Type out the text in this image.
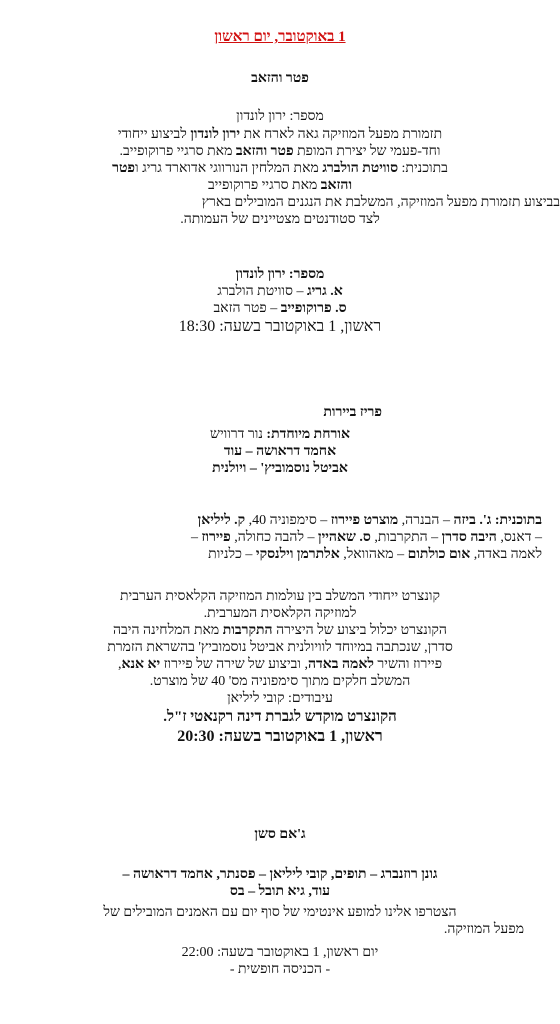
1 באוקטובר, יום ראשון
פטר והזאב
מספר: ירון לונדון
תזמורת מפעל המוזיקה גאה לארח את ירון לונדון לביצוע ייחודי
וחד-פעמי של יצירת המופת פטר והזאב מאת סרגיי פרוקופייב.
בתוכנית: סוויטת הולברג מאת המלחין הנורווגי אדוארד גריג ופטר
והזאב מאת סרגיי פרוקופייב
בביצוע תזמורת מפעל המוזיקה, המשלבת את הנגנים המובילים בארץ
לצד סטודנטים מצטיינים של העמותה.
מספר: ירון לונדון
א. גריג – סוויטת הולברג
ס. פרוקופייב – פטר הזאב
ראשון, 1 באוקטובר בשעה: 18:30
פריז ביירות
אורחת מיוחדת: נור דרוויש
אחמד דראושה – עוד
אביטל נוסמוביץ' – ויולנית
בתוכנית: ג'. ביזה – הבנרה, מוצרט פיירוז – סימפוניה 40, ק. ליליאן
– דאנס, היבה סדרן – התקרבות, ס. שאהיין – להבה כחולה, פיירוז –
לאמה באדה, אום כולתום – מאהוואל, אלתרמן וילנסקי – כלניות
קונצרט ייחודי המשלב בין עולמות המוזיקה הקלאסית הערבית
למוזיקה הקלאסית המערבית.
הקונצרט יכלול ביצוע של היצירה התקרבות מאת המלחינה היבה
סדרן, שנכתבה במיוחד לוויולנית אביטל נוסמוביץ' בהשראת הזמרת
פיירוז והשיר לאמה באדה, וביצוע של שירה של פיירוז יא אנא,
המשלב חלקים מתוך סימפוניה מס' 40 של מוצרט.
עיבודים: קובי ליליאן
הקונצרט מוקדש לגברת דינה רקנאטי ז"ל.
ראשון, 1 באוקטובר בשעה: 20:30
ג'אם סשן
גונן רוזנברג – תופים, קובי ליליאן – פסנתר, אחמד דראושה –
עוד, גיא תובל – בס
הצטרפו אלינו למופע אינטימי של סוף יום עם האמנים המובילים של
מפעל המוזיקה.
יום ראשון, 1 באוקטובר בשעה: 22:00
- הכניסה חופשית -
